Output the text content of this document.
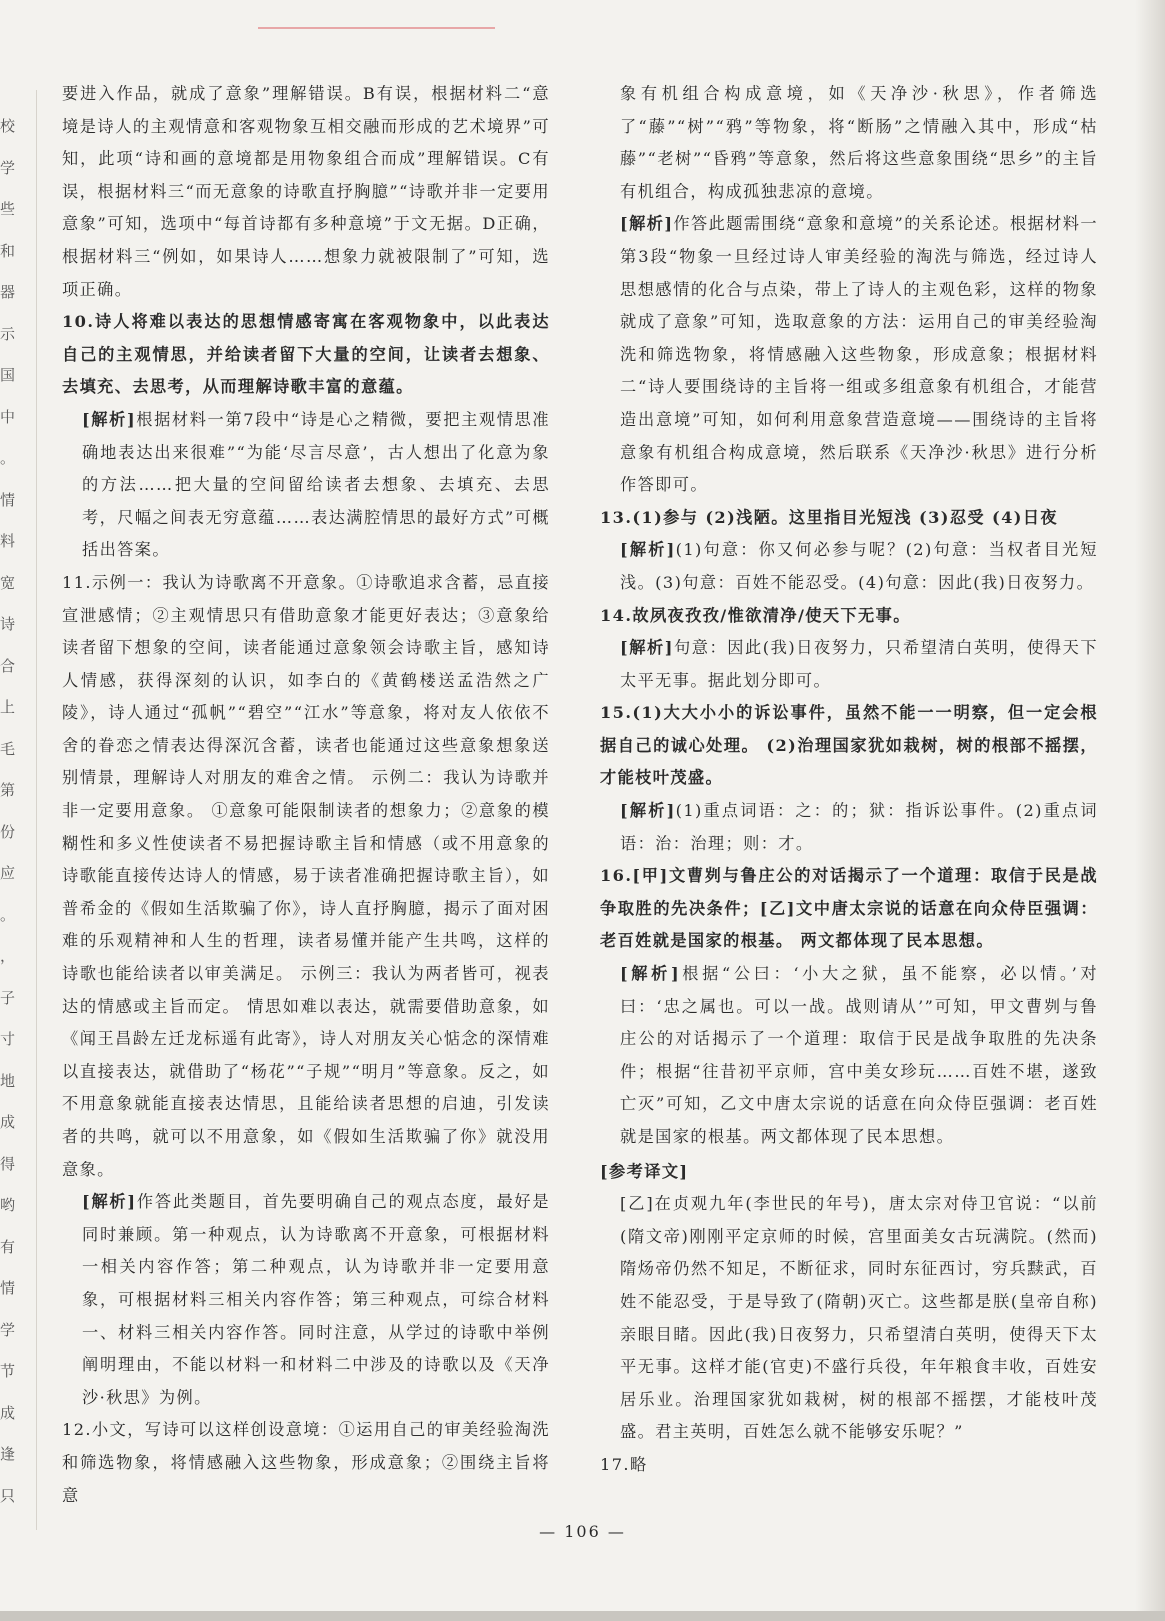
校
学
些
和
器
示
国
中
。
情
料
宽
诗
合
上
毛
第
份
应
。
，
子
寸
地
成
得
哟
有
情
学
节
成
逢
只

要进入作品，就成了意象”理解错误。B有误，根据材料二“意境是诗人的主观情意和客观物象互相交融而形成的艺术境界”可知，此项“诗和画的意境都是用物象组合而成”理解错误。C有误，根据材料三“而无意象的诗歌直抒胸臆”“诗歌并非一定要用意象”可知，选项中“每首诗都有多种意境”于文无据。D正确，根据材料三“例如，如果诗人……想象力就被限制了”可知，选项正确。

10.诗人将难以表达的思想情感寄寓在客观物象中，以此表达自己的主观情思，并给读者留下大量的空间，让读者去想象、去填充、去思考，从而理解诗歌丰富的意蕴。

[解析]根据材料一第7段中“诗是心之精微，要把主观情思准确地表达出来很难”“为能‘尽言尽意’，古人想出了化意为象的方法……把大量的空间留给读者去想象、去填充、去思考，尺幅之间表无穷意蕴……表达满腔情思的最好方式”可概括出答案。

11.示例一：我认为诗歌离不开意象。①诗歌追求含蓄，忌直接宣泄感情；②主观情思只有借助意象才能更好表达；③意象给读者留下想象的空间，读者能通过意象领会诗歌主旨，感知诗人情感，获得深刻的认识，如李白的《黄鹤楼送孟浩然之广陵》，诗人通过“孤帆”“碧空”“江水”等意象，将对友人依依不舍的眷恋之情表达得深沉含蓄，读者也能通过这些意象想象送别情景，理解诗人对朋友的难舍之情。 示例二：我认为诗歌并非一定要用意象。 ①意象可能限制读者的想象力；②意象的模糊性和多义性使读者不易把握诗歌主旨和情感（或不用意象的诗歌能直接传达诗人的情感，易于读者准确把握诗歌主旨），如普希金的《假如生活欺骗了你》，诗人直抒胸臆，揭示了面对困难的乐观精神和人生的哲理，读者易懂并能产生共鸣，这样的诗歌也能给读者以审美满足。 示例三：我认为两者皆可，视表达的情感或主旨而定。 情思如难以表达，就需要借助意象，如《闻王昌龄左迁龙标遥有此寄》，诗人对朋友关心惦念的深情难以直接表达，就借助了“杨花”“子规”“明月”等意象。反之，如不用意象就能直接表达情思，且能给读者思想的启迪，引发读者的共鸣，就可以不用意象，如《假如生活欺骗了你》就没用意象。

[解析]作答此类题目，首先要明确自己的观点态度，最好是同时兼顾。第一种观点，认为诗歌离不开意象，可根据材料一相关内容作答；第二种观点，认为诗歌并非一定要用意象，可根据材料三相关内容作答；第三种观点，可综合材料一、材料三相关内容作答。同时注意，从学过的诗歌中举例阐明理由，不能以材料一和材料二中涉及的诗歌以及《天净沙·秋思》为例。

12.小文，写诗可以这样创设意境：①运用自己的审美经验淘洗和筛选物象，将情感融入这些物象，形成意象；②围绕主旨将意

象有机组合构成意境，如《天净沙·秋思》，作者筛选了“藤”“树”“鸦”等物象，将“断肠”之情融入其中，形成“枯藤”“老树”“昏鸦”等意象，然后将这些意象围绕“思乡”的主旨有机组合，构成孤独悲凉的意境。

[解析]作答此题需围绕“意象和意境”的关系论述。根据材料一第3段“物象一旦经过诗人审美经验的淘洗与筛选，经过诗人思想感情的化合与点染，带上了诗人的主观色彩，这样的物象就成了意象”可知，选取意象的方法：运用自己的审美经验淘洗和筛选物象，将情感融入这些物象，形成意象；根据材料二“诗人要围绕诗的主旨将一组或多组意象有机组合，才能营造出意境”可知，如何利用意象营造意境——围绕诗的主旨将意象有机组合构成意境，然后联系《天净沙·秋思》进行分析作答即可。

13.(1)参与 (2)浅陋。这里指目光短浅 (3)忍受 (4)日夜

[解析](1)句意：你又何必参与呢？(2)句意：当权者目光短浅。(3)句意：百姓不能忍受。(4)句意：因此(我)日夜努力。

14.故夙夜孜孜/惟欲清净/使天下无事。

[解析]句意：因此(我)日夜努力，只希望清白英明，使得天下太平无事。据此划分即可。

15.(1)大大小小的诉讼事件，虽然不能一一明察，但一定会根据自己的诚心处理。 (2)治理国家犹如栽树，树的根部不摇摆，才能枝叶茂盛。

[解析](1)重点词语：之：的；狱：指诉讼事件。(2)重点词语：治：治理；则：才。

16.[甲]文曹刿与鲁庄公的对话揭示了一个道理：取信于民是战争取胜的先决条件；[乙]文中唐太宗说的话意在向众侍臣强调：老百姓就是国家的根基。 两文都体现了民本思想。

[解析]根据“公曰：‘小大之狱，虽不能察，必以情。’对曰：‘忠之属也。可以一战。战则请从’”可知，甲文曹刿与鲁庄公的对话揭示了一个道理：取信于民是战争取胜的先决条件；根据“往昔初平京师，宫中美女珍玩……百姓不堪，遂致亡灭”可知，乙文中唐太宗说的话意在向众侍臣强调：老百姓就是国家的根基。两文都体现了民本思想。

[参考译文]

[乙]在贞观九年(李世民的年号)，唐太宗对侍卫官说：“以前(隋文帝)刚刚平定京师的时候，宫里面美女古玩满院。(然而)隋炀帝仍然不知足，不断征求，同时东征西讨，穷兵黩武，百姓不能忍受，于是导致了(隋朝)灭亡。这些都是朕(皇帝自称)亲眼目睹。因此(我)日夜努力，只希望清白英明，使得天下太平无事。这样才能(官吏)不盛行兵役，年年粮食丰收，百姓安居乐业。治理国家犹如栽树，树的根部不摇摆，才能枝叶茂盛。君主英明，百姓怎么就不能够安乐呢？”

17.略

— 106 —
